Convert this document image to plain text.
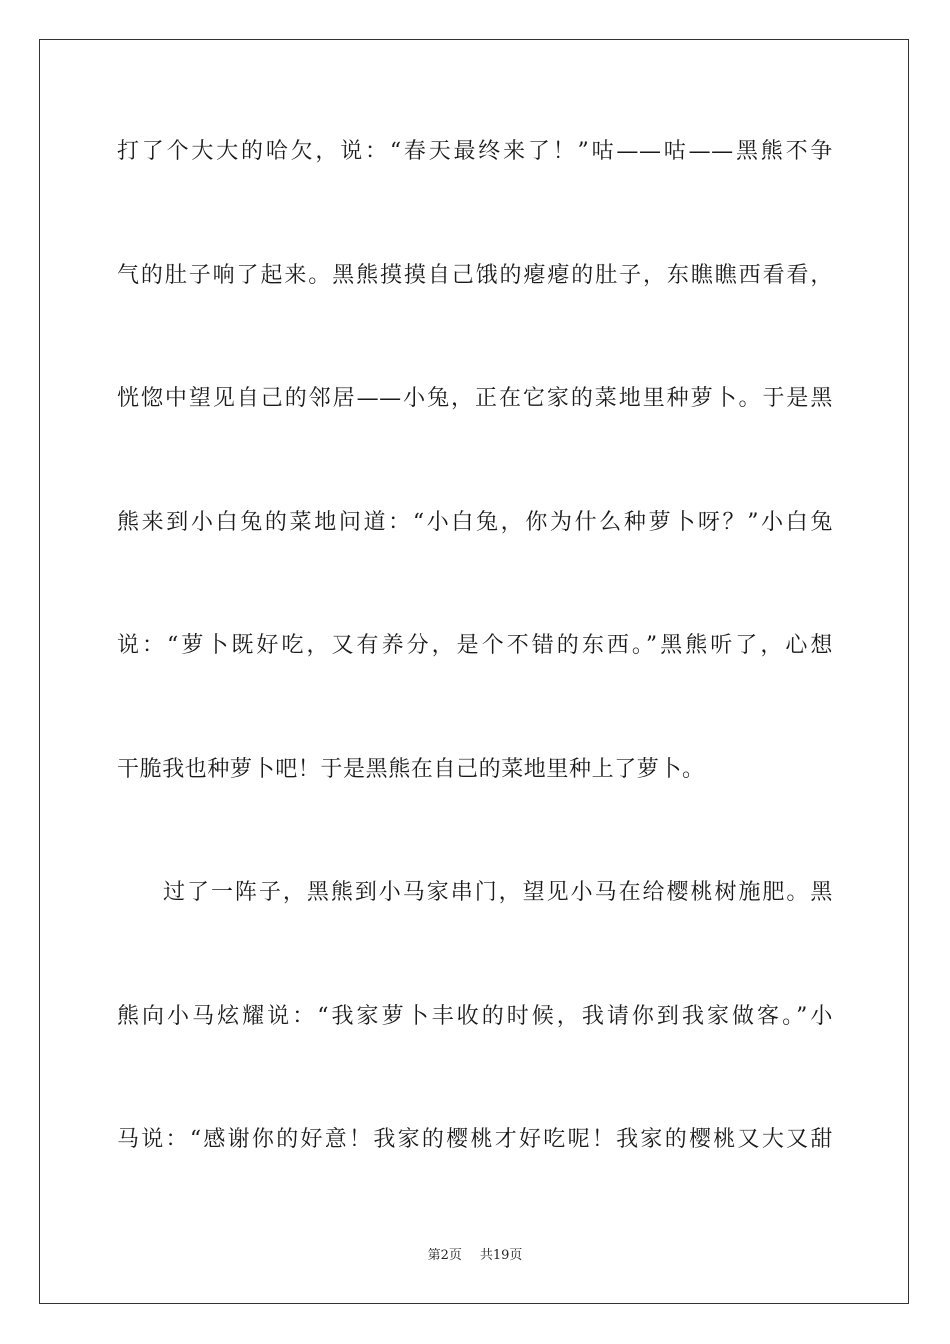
打了个大大的哈欠，说：“春天最终来了！”咕——咕——黑熊不争
气的肚子响了起来。黑熊摸摸自己饿的瘪瘪的肚子，东瞧瞧西看看，
恍惚中望见自己的邻居——小兔，正在它家的菜地里种萝卜。于是黑
熊来到小白兔的菜地问道：“小白兔，你为什么种萝卜呀？”小白兔
说：“萝卜既好吃，又有养分，是个不错的东西。”黑熊听了，心想
干脆我也种萝卜吧！于是黑熊在自己的菜地里种上了萝卜。
过了一阵子，黑熊到小马家串门，望见小马在给樱桃树施肥。黑
熊向小马炫耀说：“我家萝卜丰收的时候，我请你到我家做客。”小
马说：“感谢你的好意！我家的樱桃才好吃呢！我家的樱桃又大又甜
第2页 共19页
